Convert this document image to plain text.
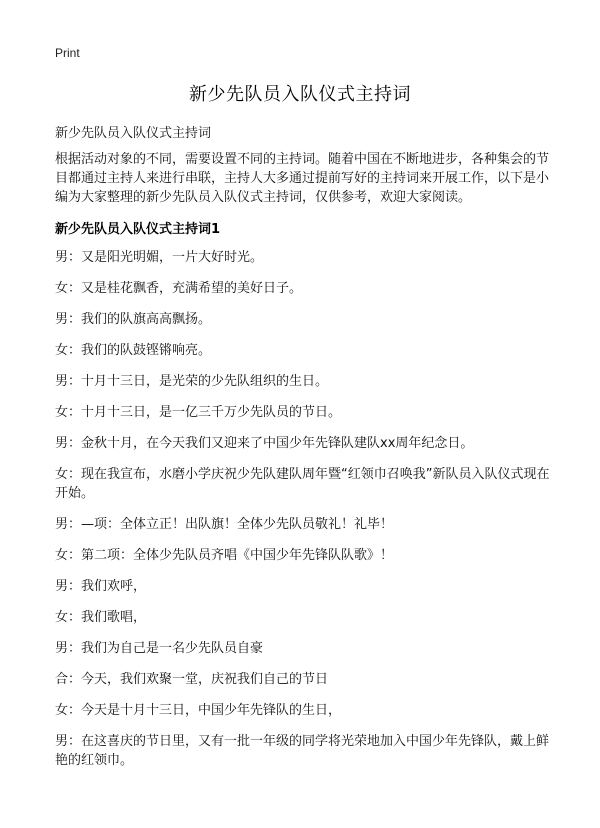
Print
新少先队员入队仪式主持词
新少先队员入队仪式主持词

根据活动对象的不同，需要设置不同的主持词。随着中国在不断地进步，各种集会的节目都通过主持人来进行串联，主持人大多通过提前写好的主持词来开展工作，以下是小编为大家整理的新少先队员入队仪式主持词，仅供参考，欢迎大家阅读。

新少先队员入队仪式主持词1
男：又是阳光明媚，一片大好时光。
女：又是桂花飘香，充满希望的美好日子。
男：我们的队旗高高飘扬。
女：我们的队鼓铿锵响亮。
男：十月十三日，是光荣的少先队组织的生日。
女：十月十三日，是一亿三千万少先队员的节日。
男：金秋十月，在今天我们又迎来了中国少年先锋队建队xx周年纪念日。
女：现在我宣布，水磨小学庆祝少先队建队周年暨“红领巾召唤我”新队员入队仪式现在开始。
男：—项：全体立正！出队旗！全体少先队员敬礼！礼毕！
女：第二项：全体少先队员齐唱《中国少年先锋队队歌》！
男：我们欢呼，
女：我们歌唱，
男：我们为自己是一名少先队员自豪
合：今天，我们欢聚一堂，庆祝我们自己的节日
女：今天是十月十三日，中国少年先锋队的生日，
男：在这喜庆的节日里，又有一批一年级的同学将光荣地加入中国少年先锋队，戴上鲜艳的红领巾。
